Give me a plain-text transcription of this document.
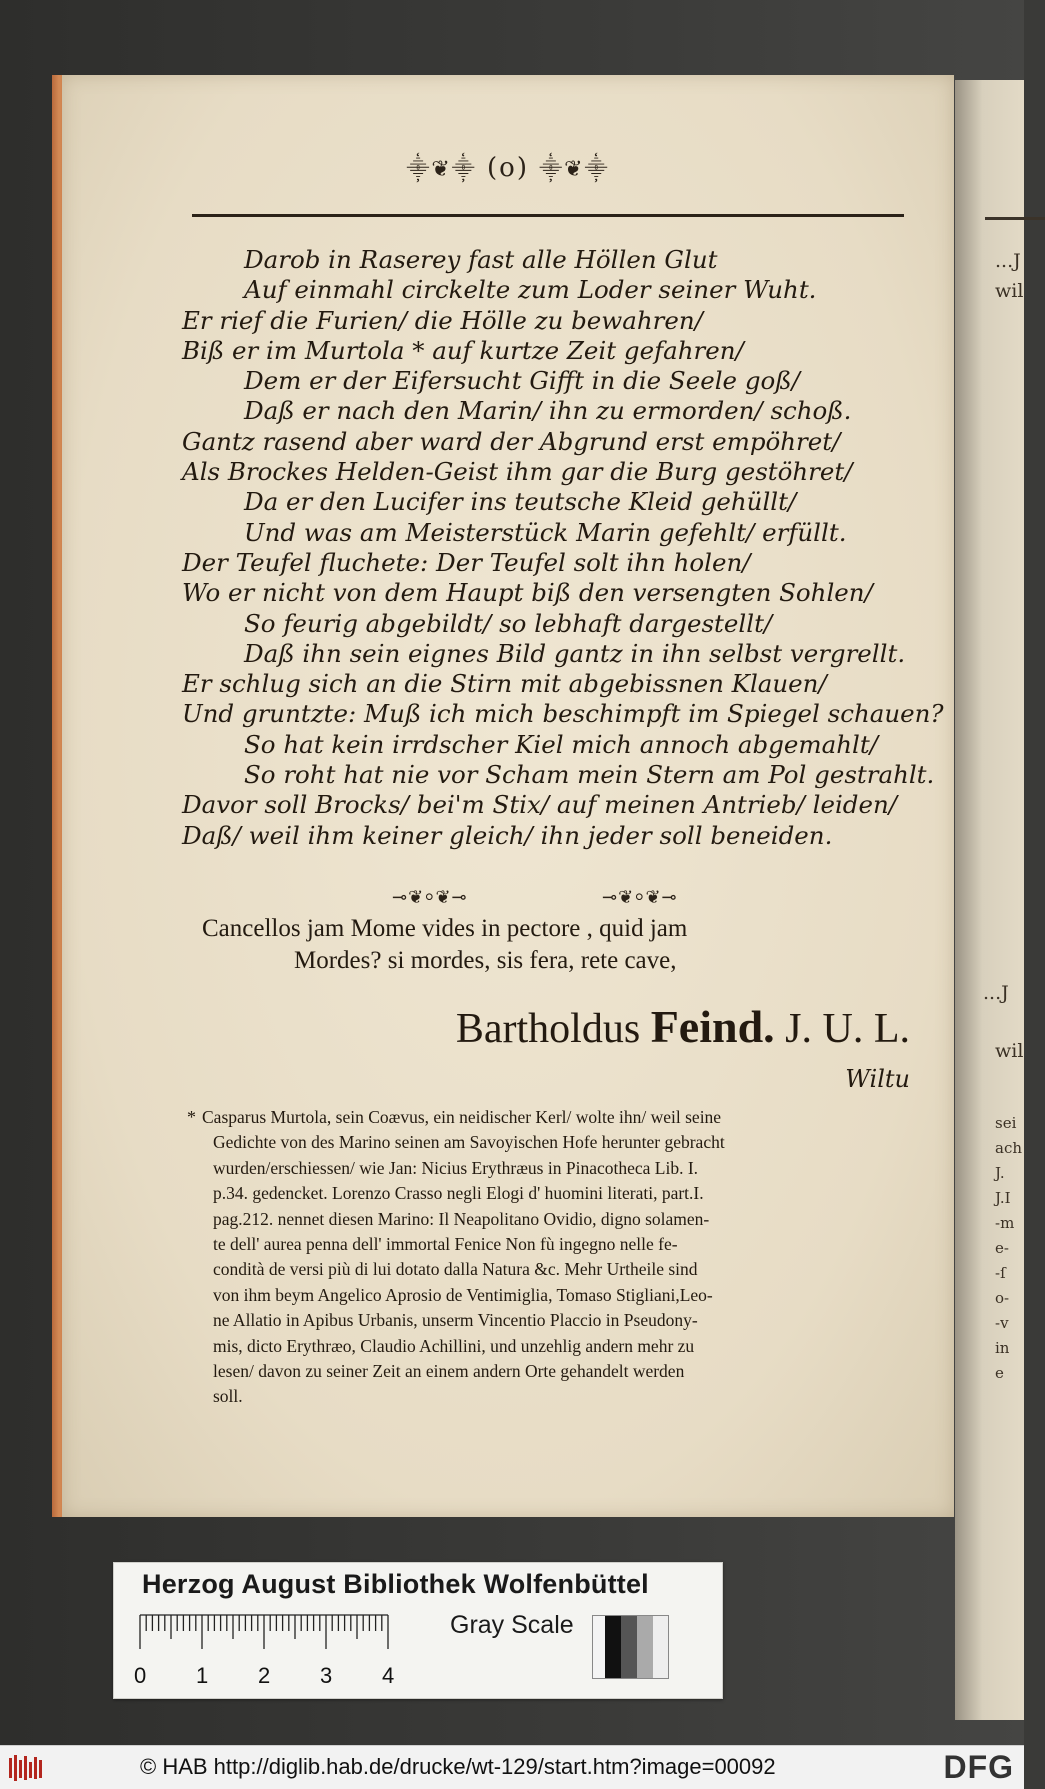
...J
wil
...J
wil
sei
ach
J.
J.I
-m
e-
-ſ
o-
-v
in
e
⸎❦⸎ (o) ⸎❦⸎
Darob in Raserey fast alle Höllen Glut
Auf einmahl circkelte zum Loder seiner Wuht.
Er rief die Furien/ die Hölle zu bewahren/
Biß er im Murtola * auf kurtze Zeit gefahren/
Dem er der Eifersucht Gifft in die Seele goß/
Daß er nach den Marin/ ihn zu ermorden/ schoß.
Gantz rasend aber ward der Abgrund erst empöhret/
Als Brockes Helden-Geist ihm gar die Burg gestöhret/
Da er den Lucifer ins teutsche Kleid gehüllt/
Und was am Meisterstück Marin gefehlt/ erfüllt.
Der Teufel fluchete: Der Teufel solt ihn holen/
Wo er nicht von dem Haupt biß den versengten Sohlen/
So feurig abgebildt/ so lebhaft dargestellt/
Daß ihn sein eignes Bild gantz in ihn selbst vergrellt.
Er schlug sich an die Stirn mit abgebissnen Klauen/
Und gruntzte: Muß ich mich beschimpft im Spiegel schauen?
So hat kein irrdscher Kiel mich annoch abgemahlt/
So roht hat nie vor Scham mein Stern am Pol gestrahlt.
Davor soll Brocks/ bei'm Stix/ auf meinen Antrieb/ leiden/
Daß/ weil ihm keiner gleich/ ihn jeder soll beneiden.
⊸❦⸰❦⊸	⊸❦⸰❦⊸
Cancellos jam Mome vides in pectore , quid jam
Mordes? si mordes, sis fera, rete cave,
Bartholdus Feind. J. U. L.
Wiltu
* Casparus Murtola, sein Coævus, ein neidischer Kerl/ wolte ihn/ weil seine
Gedichte von des Marino seinen am Savoyischen Hofe herunter gebracht
wurden/erschiessen/ wie Jan: Nicius Erythræus in Pinacotheca Lib. I.
p.34. gedencket. Lorenzo Crasso negli Elogi d' huomini literati, part.I.
pag.212. nennet diesen Marino: Il Neapolitano Ovidio, digno solamen-
te dell' aurea penna dell' immortal Fenice Non fù ingegno nelle fe-
condità de versi più di lui dotato dalla Natura &c. Mehr Urtheile sind
von ihm beym Angelico Aprosio de Ventimiglia, Tomaso Stigliani,Leo-
ne Allatio in Apibus Urbanis, unserm Vincentio Placcio in Pseudony-
mis, dicto Erythræo, Claudio Achillini, und unzehlig andern mehr zu
lesen/ davon zu seiner Zeit an einem andern Orte gehandelt werden
soll.
Herzog August Bibliothek Wolfenbüttel
0 1 2 3 4
Gray Scale
© HAB http://diglib.hab.de/drucke/wt-129/start.htm?image=00092	DFG
